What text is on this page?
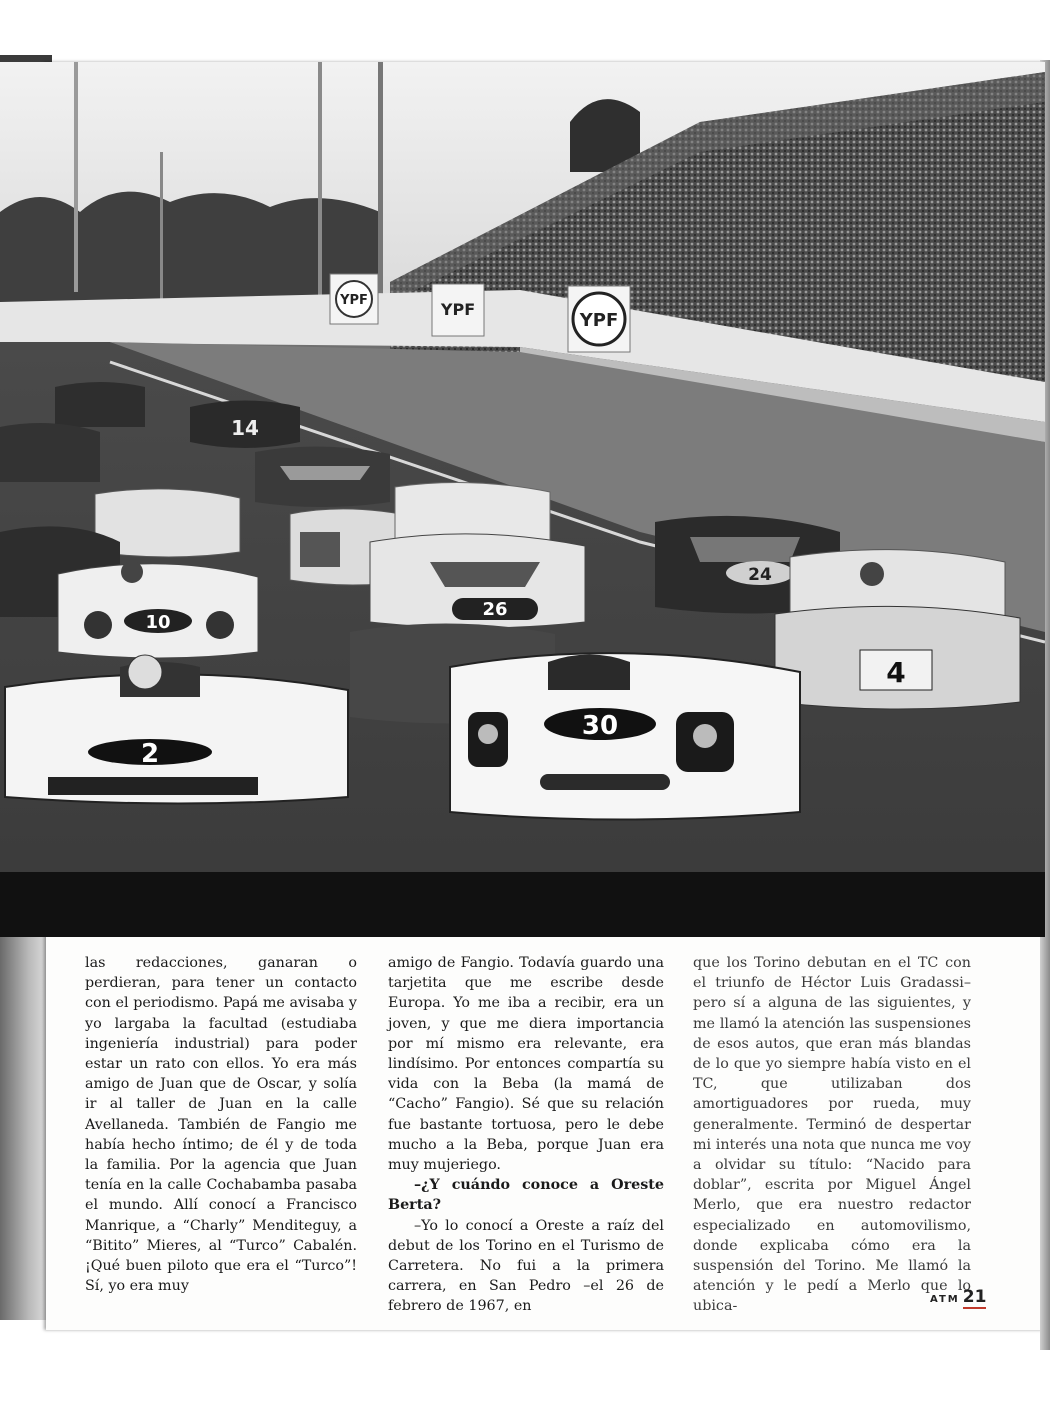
YPF	YPF
YPF
14
26
24
10
4
2
30

las redacciones, ganaran o perdieran, para tener un contacto con el periodismo. Papá me avisaba y yo largaba la facultad (estudiaba ingeniería industrial) para poder estar un rato con ellos. Yo era más amigo de Juan que de Oscar, y solía ir al taller de Juan en la calle Avellaneda. También de Fangio me había hecho íntimo; de él y de toda la familia. Por la agencia que Juan tenía en la calle Cochabamba pasaba el mundo. Allí conocí a Francisco Manrique, a “Charly” Menditeguy, a “Bitito” Mieres, al “Turco” Cabalén. ¡Qué buen piloto que era el “Turco”! Sí, yo era muy

amigo de Fangio. Todavía guardo una tarjetita que me escribe desde Europa. Yo me iba a recibir, era un joven, y que me diera importancia por mí mismo era relevante, era lindísimo. Por entonces compartía su vida con la Beba (la mamá de “Cacho” Fangio). Sé que su relación fue bastante tortuosa, pero le debe mucho a la Beba, porque Juan era muy mujeriego.

–¿Y cuándo conoce a Oreste Berta?

–Yo lo conocí a Oreste a raíz del debut de los Torino en el Turismo de Carretera. No fui a la primera carrera, en San Pedro –el 26 de febrero de 1967, en

que los Torino debutan en el TC con el triunfo de Héctor Luis Gradassi– pero sí a alguna de las siguientes, y me llamó la atención las suspensiones de esos autos, que eran más blandas de lo que yo siempre había visto en el TC, que utilizaban dos amortiguadores por rueda, muy generalmente. Terminó de despertar mi interés una nota que nunca me voy a olvidar su título: “Nacido para doblar”, escrita por Miguel Ángel Merlo, que era nuestro redactor especializado en automovilismo, donde explicaba cómo era la suspensión del Torino. Me llamó la atención y le pedí a Merlo que lo ubica-	ATM 21
